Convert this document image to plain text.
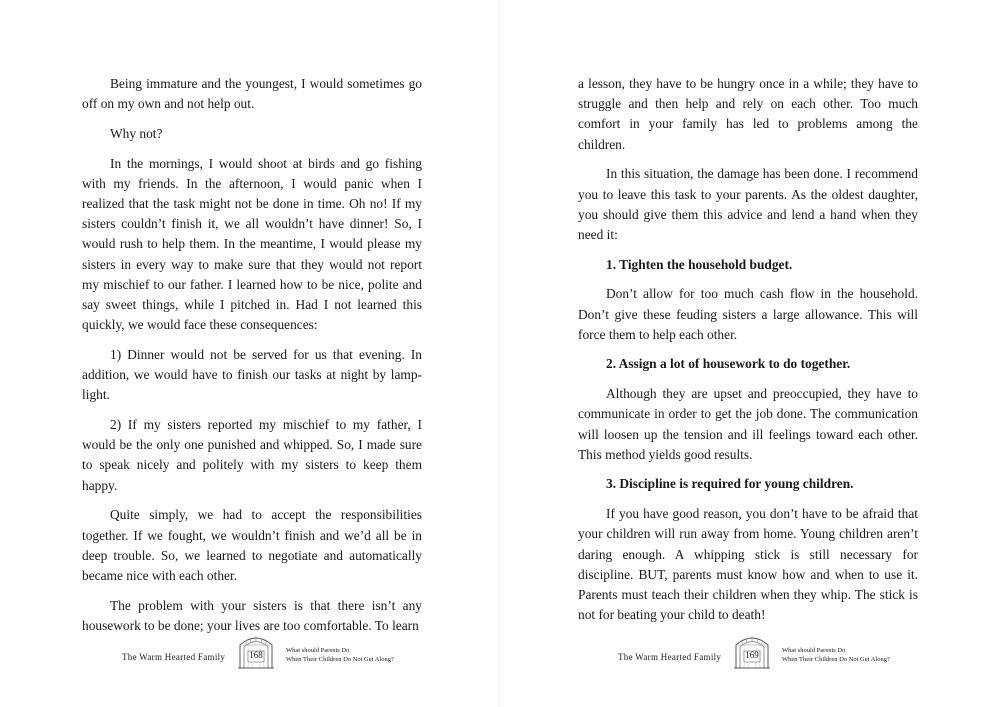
Being immature and the youngest, I would sometimes go off on my own and not help out.

Why not?

In the mornings, I would shoot at birds and go fishing with my friends. In the afternoon, I would panic when I realized that the task might not be done in time. Oh no! If my sisters couldn’t finish it, we all wouldn’t have dinner! So, I would rush to help them. In the meantime, I would please my sisters in every way to make sure that they would not report my mischief to our father. I learned how to be nice, polite and say sweet things, while I pitched in. Had I not learned this quickly, we would face these consequences:

1) Dinner would not be served for us that evening. In addition, we would have to finish our tasks at night by lamp-light.

2) If my sisters reported my mischief to my father, I would be the only one punished and whipped. So, I made sure to speak nicely and politely with my sisters to keep them happy.

Quite simply, we had to accept the responsibilities together. If we fought, we wouldn’t finish and we’d all be in deep trouble. So, we learned to negotiate and automatically became nice with each other.

The problem with your sisters is that there isn’t any housework to be done; your lives are too comfortable. To learn

The Warm Hearted Family	168	What should Parents Do
When Their Children Do Not Get Along?

a lesson, they have to be hungry once in a while; they have to struggle and then help and rely on each other. Too much comfort in your family has led to problems among the children.

In this situation, the damage has been done. I recommend you to leave this task to your parents. As the oldest daughter, you should give them this advice and lend a hand when they need it:

1. Tighten the household budget.

Don’t allow for too much cash flow in the household. Don’t give these feuding sisters a large allowance. This will force them to help each other.

2. Assign a lot of housework to do together.

Although they are upset and preoccupied, they have to communicate in order to get the job done. The communication will loosen up the tension and ill feelings toward each other. This method yields good results.

3. Discipline is required for young children.

If you have good reason, you don’t have to be afraid that your children will run away from home. Young children aren’t daring enough. A whipping stick is still necessary for discipline. BUT, parents must know how and when to use it. Parents must teach their children when they whip. The stick is not for beating your child to death!

The Warm Hearted Family	169	What should Parents Do
When Their Children Do Not Get Along?
